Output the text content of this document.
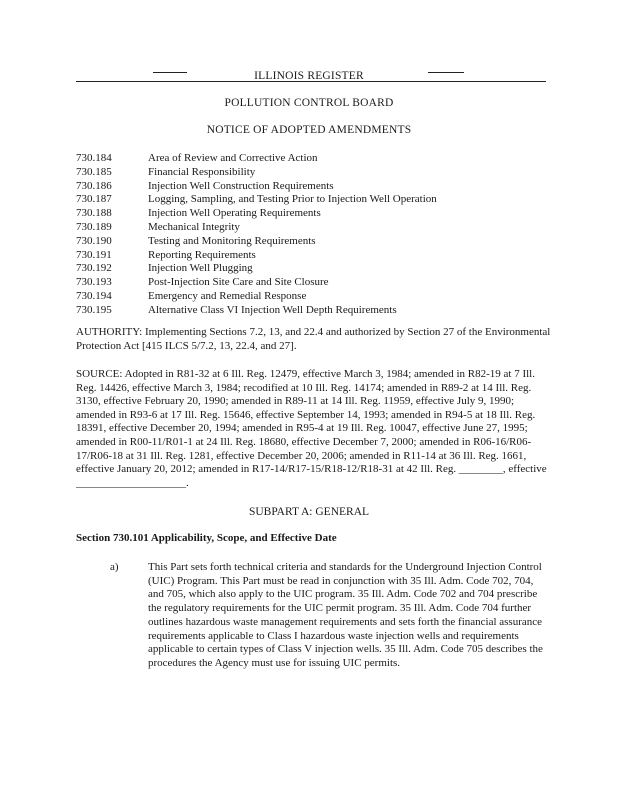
ILLINOIS REGISTER
POLLUTION CONTROL BOARD
NOTICE OF ADOPTED AMENDMENTS
730.184	Area of Review and Corrective Action
730.185	Financial Responsibility
730.186	Injection Well Construction Requirements
730.187	Logging, Sampling, and Testing Prior to Injection Well Operation
730.188	Injection Well Operating Requirements
730.189	Mechanical Integrity
730.190	Testing and Monitoring Requirements
730.191	Reporting Requirements
730.192	Injection Well Plugging
730.193	Post-Injection Site Care and Site Closure
730.194	Emergency and Remedial Response
730.195	Alternative Class VI Injection Well Depth Requirements
AUTHORITY: Implementing Sections 7.2, 13, and 22.4 and authorized by Section 27 of the Environmental Protection Act [415 ILCS 5/7.2, 13, 22.4, and 27].
SOURCE: Adopted in R81-32 at 6 Ill. Reg. 12479, effective March 3, 1984; amended in R82-19 at 7 Ill. Reg. 14426, effective March 3, 1984; recodified at 10 Ill. Reg. 14174; amended in R89-2 at 14 Ill. Reg. 3130, effective February 20, 1990; amended in R89-11 at 14 Ill. Reg. 11959, effective July 9, 1990; amended in R93-6 at 17 Ill. Reg. 15646, effective September 14, 1993; amended in R94-5 at 18 Ill. Reg. 18391, effective December 20, 1994; amended in R95-4 at 19 Ill. Reg. 10047, effective June 27, 1995; amended in R00-11/R01-1 at 24 Ill. Reg. 18680, effective December 7, 2000; amended in R06-16/R06-17/R06-18 at 31 Ill. Reg. 1281, effective December 20, 2006; amended in R11-14 at 36 Ill. Reg. 1661, effective January 20, 2012; amended in R17-14/R17-15/R18-12/R18-31 at 42 Ill. Reg. ________, effective ____________________.
SUBPART A: GENERAL
Section 730.101 Applicability, Scope, and Effective Date
a)	This Part sets forth technical criteria and standards for the Underground Injection Control (UIC) Program. This Part must be read in conjunction with 35 Ill. Adm. Code 702, 704, and 705, which also apply to the UIC program. 35 Ill. Adm. Code 702 and 704 prescribe the regulatory requirements for the UIC permit program. 35 Ill. Adm. Code 704 further outlines hazardous waste management requirements and sets forth the financial assurance requirements applicable to Class I hazardous waste injection wells and requirements applicable to certain types of Class V injection wells. 35 Ill. Adm. Code 705 describes the procedures the Agency must use for issuing UIC permits.
